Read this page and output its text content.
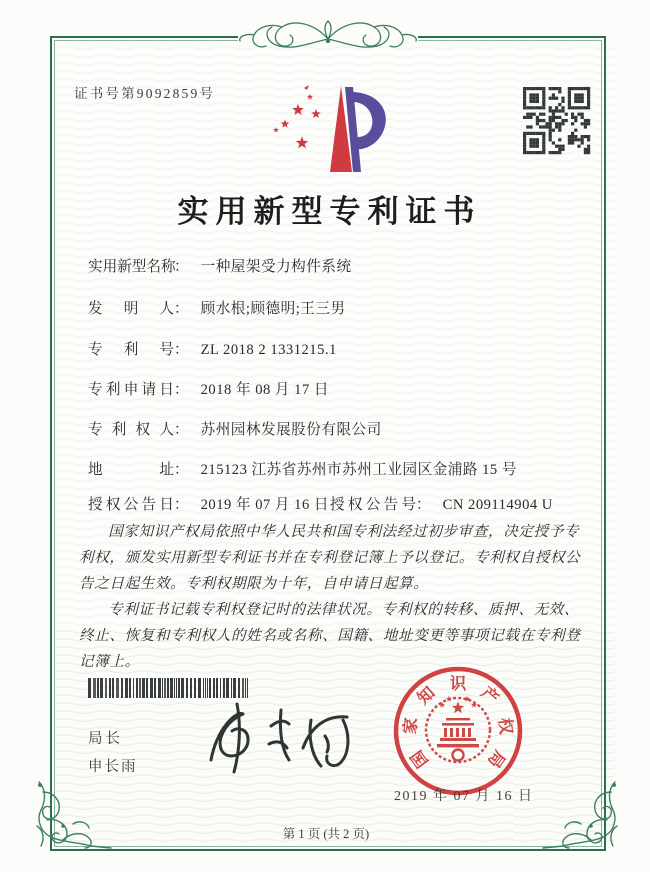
证书号第9092859号
实用新型专利证书
实用新型名称： 一种屋架受力构件系统
发明人： 顾水根;顾德明;王三男
专利号： ZL 2018 2 1331215.1
专利申请日： 2018 年 08 月 17 日
专利权人： 苏州园林发展股份有限公司
地址： 215123 江苏省苏州市苏州工业园区金浦路 15 号
授权公告日： 2019 年 07 月 16 日 授权公告号： CN 209114904 U

国家知识产权局依照中华人民共和国专利法经过初步审查，决定授予专利权，颁发实用新型专利证书并在专利登记簿上予以登记。专利权自授权公告之日起生效。专利权期限为十年，自申请日起算。

专利证书记载专利权登记时的法律状况。专利权的转移、质押、无效、终止、恢复和专利权人的姓名或名称、国籍、地址变更等事项记载在专利登记簿上。

局长
申长雨	国
家
知 识 产
权
局
2019 年 07 月 16 日
第 1 页 (共 2 页)
